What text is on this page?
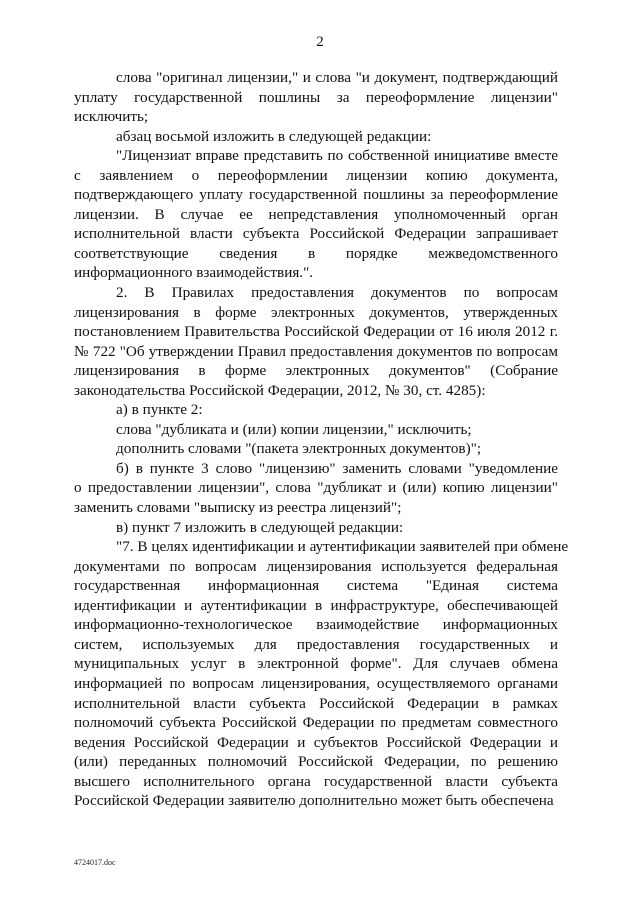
2
слова "оригинал лицензии," и слова "и документ, подтверждающий
уплату государственной пошлины за переоформление лицензии"
исключить;
абзац восьмой изложить в следующей редакции:
"Лицензиат вправе представить по собственной инициативе вместе
с заявлением о переоформлении лицензии копию документа,
подтверждающего уплату государственной пошлины за переоформление
лицензии. В случае ее непредставления уполномоченный орган
исполнительной власти субъекта Российской Федерации запрашивает
соответствующие сведения в порядке межведомственного
информационного взаимодействия.".
2. В Правилах предоставления документов по вопросам
лицензирования в форме электронных документов, утвержденных
постановлением Правительства Российской Федерации от 16 июля 2012 г.
№ 722 "Об утверждении Правил предоставления документов по вопросам
лицензирования в форме электронных документов" (Собрание
законодательства Российской Федерации, 2012, № 30, ст. 4285):
а) в пункте 2:
слова "дубликата и (или) копии лицензии," исключить;
дополнить словами "(пакета электронных документов)";
б) в пункте 3 слово "лицензию" заменить словами "уведомление
о предоставлении лицензии", слова "дубликат и (или) копию лицензии"
заменить словами "выписку из реестра лицензий";
в) пункт 7 изложить в следующей редакции:
"7. В целях идентификации и аутентификации заявителей при обмене
документами по вопросам лицензирования используется федеральная
государственная информационная система "Единая система
идентификации и аутентификации в инфраструктуре, обеспечивающей
информационно-технологическое взаимодействие информационных
систем, используемых для предоставления государственных и
муниципальных услуг в электронной форме". Для случаев обмена
информацией по вопросам лицензирования, осуществляемого органами
исполнительной власти субъекта Российской Федерации в рамках
полномочий субъекта Российской Федерации по предметам совместного
ведения Российской Федерации и субъектов Российской Федерации и
(или) переданных полномочий Российской Федерации, по решению
высшего исполнительного органа государственной власти субъекта
Российской Федерации заявителю дополнительно может быть обеспечена
4724017.doc
